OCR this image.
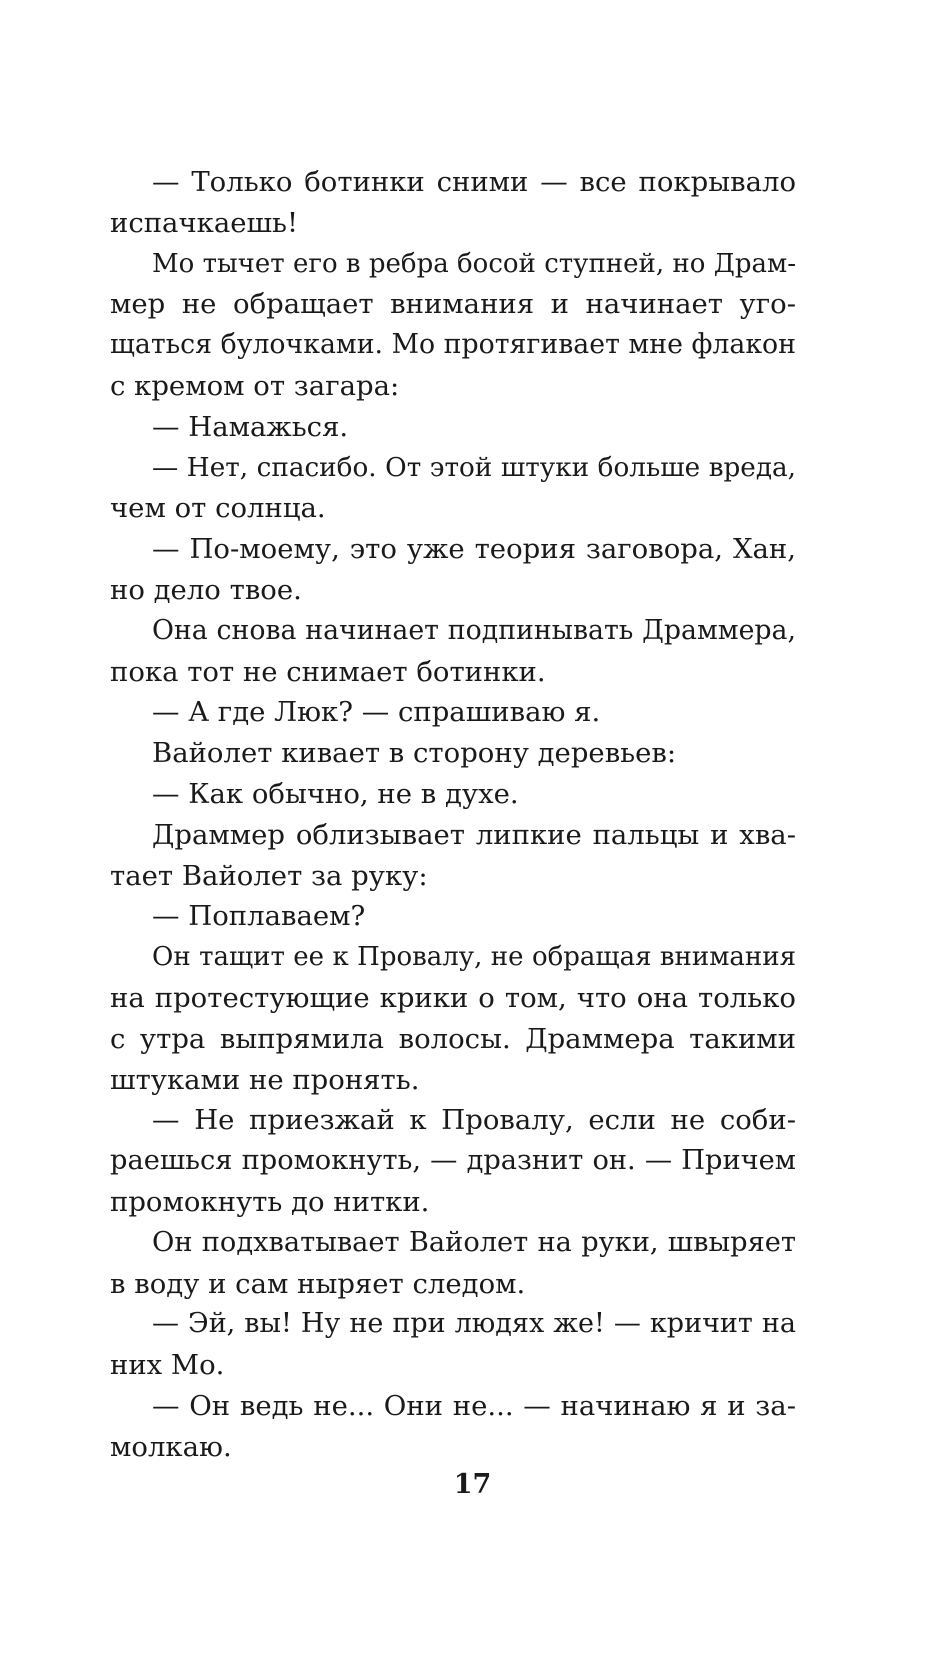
— Только ботинки сними — все покрывало
испачкаешь!
Мо тычет его в ребра босой ступней, но Драм-
мер не обращает внимания и начинает уго-
щаться булочками. Мо протягивает мне флакон
с кремом от загара:
— Намажься.
— Нет, спасибо. От этой штуки больше вреда,
чем от солнца.
— По-моему, это уже теория заговора, Хан,
но дело твое.
Она снова начинает подпинывать Драммера,
пока тот не снимает ботинки.
— А где Люк? — спрашиваю я.
Вайолет кивает в сторону деревьев:
— Как обычно, не в духе.
Драммер облизывает липкие пальцы и хва-
тает Вайолет за руку:
— Поплаваем?
Он тащит ее к Провалу, не обращая внимания
на протестующие крики о том, что она только
с утра выпрямила волосы. Драммера такими
штуками не пронять.
— Не приезжай к Провалу, если не соби-
раешься промокнуть, — дразнит он. — Причем
промокнуть до нитки.
Он подхватывает Вайолет на руки, швыряет
в воду и сам ныряет следом.
— Эй, вы! Ну не при людях же! — кричит на
них Мо.
— Он ведь не... Они не... — начинаю я и за-
молкаю.
17
